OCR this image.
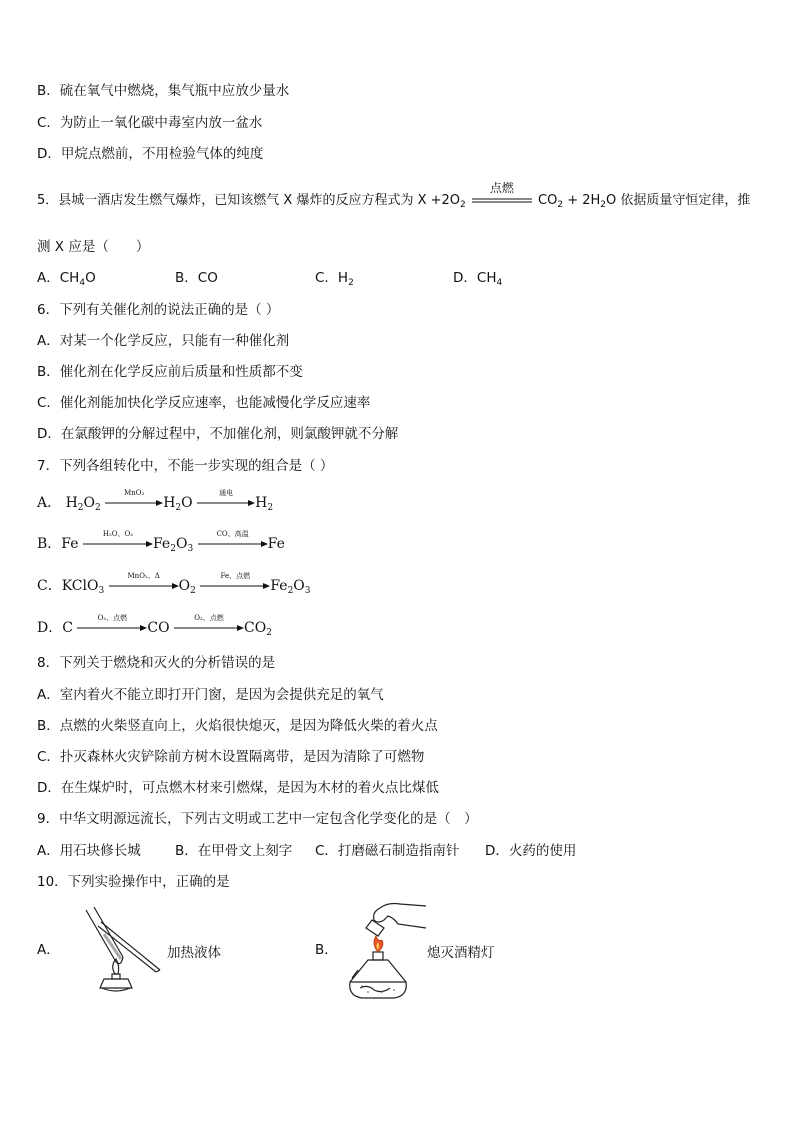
B．硫在氧气中燃烧，集气瓶中应放少量水
C．为防止一氧化碳中毒室内放一盆水
D．甲烷点燃前，不用检验气体的纯度
5．县城一酒店发生燃气爆炸，已知该燃气 X 爆炸的反应方程式为 $X +2O_2$
点燃
$CO_2 + 2H_2O$ 依据质量守恒定律，推
测 X 应是（　　）
A．$CH_4O$	B．CO	C．$H_2$	D．$CH_4$
6．下列有关催化剂的说法正确的是（ ）
A．对某一个化学反应，只能有一种催化剂
B．催化剂在化学反应前后质量和性质都不变
C．催化剂能加快化学反应速率，也能减慢化学反应速率
D．在氯酸钾的分解过程中，不加催化剂，则氯酸钾就不分解
7．下列各组转化中，不能一步实现的组合是（ ）
A． $H_2O_2$
MnO₂
$H_2O$
通电
$H_2$
B．Fe
H₂O、O₂
$Fe_2O_3$
CO、高温
Fe
C．KClO$_3$
MnO₂、Δ
$O_2$
Fe、点燃
$Fe_2O_3$
D．C
O₂、点燃
CO
O₂、点燃
$CO_2$
8．下列关于燃烧和灭火的分析错误的是
A．室内着火不能立即打开门窗，是因为会提供充足的氧气
B．点燃的火柴竖直向上，火焰很快熄灭，是因为降低火柴的着火点
C．扑灭森林火灾铲除前方树木设置隔离带，是因为清除了可燃物
D．在生煤炉时，可点燃木材来引燃煤，是因为木材的着火点比煤低
9．中华文明源远流长，下列古文明或工艺中一定包含化学变化的是（　）
A．用石块修长城	B．在甲骨文上刻字 C．打磨磁石制造指南针 D．火药的使用
10．下列实验操作中，正确的是
A．	加热液体	B．	熄灭酒精灯
